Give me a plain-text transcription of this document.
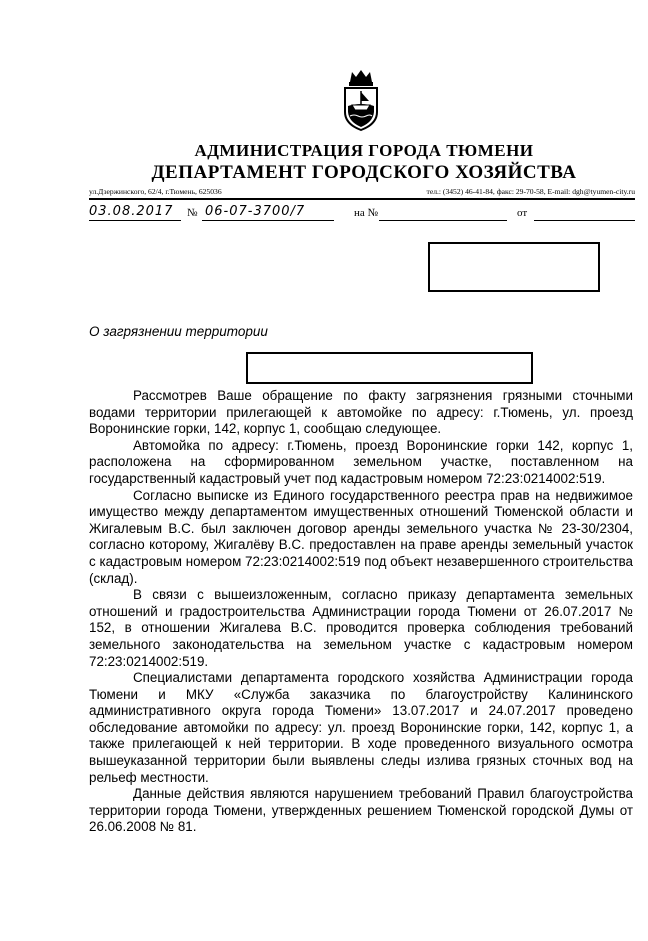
АДМИНИСТРАЦИЯ ГОРОДА ТЮМЕНИ
ДЕПАРТАМЕНТ ГОРОДСКОГО ХОЗЯЙСТВА
ул.Дзержинского, 62/4, г.Тюмень, 625036	тел.: (3452) 46-41-84, факс: 29-70-58, E-mail: dgh@tyumen-city.ru
03.08.2017 № 06-07-3700/7	на №	от
О загрязнении территории

Рассмотрев Ваше обращение по факту загрязнения грязными сточными водами территории прилегающей к автомойке по адресу: г.Тюмень, ул. проезд Воронинские горки, 142, корпус 1, сообщаю следующее.

Автомойка по адресу: г.Тюмень, проезд Воронинские горки 142, корпус 1, расположена на сформированном земельном участке, поставленном на государственный кадастровый учет под кадастровым номером 72:23:0214002:519.

Согласно выписке из Единого государственного реестра прав на недвижимое имущество между департаментом имущественных отношений Тюменской области и Жигалевым В.С. был заключен договор аренды земельного участка № 23-30/2304, согласно которому, Жигалёву В.С. предоставлен на праве аренды земельный участок с кадастровым номером 72:23:0214002:519 под объект незавершенного строительства (склад).

В связи с вышеизложенным, согласно приказу департамента земельных отношений и градостроительства Администрации города Тюмени от 26.07.2017 № 152, в отношении Жигалева В.С. проводится проверка соблюдения требований земельного законодательства на земельном участке с кадастровым номером 72:23:0214002:519.

Специалистами департамента городского хозяйства Администрации города Тюмени и МКУ «Служба заказчика по благоустройству Калининского административного округа города Тюмени» 13.07.2017 и 24.07.2017 проведено обследование автомойки по адресу: ул. проезд Воронинские горки, 142, корпус 1, а также прилегающей к ней территории. В ходе проведенного визуального осмотра вышеуказанной территории были выявлены следы излива грязных сточных вод на рельеф местности.

Данные действия являются нарушением требований Правил благоустройства территории города Тюмени, утвержденных решением Тюменской городской Думы от 26.06.2008 № 81.
